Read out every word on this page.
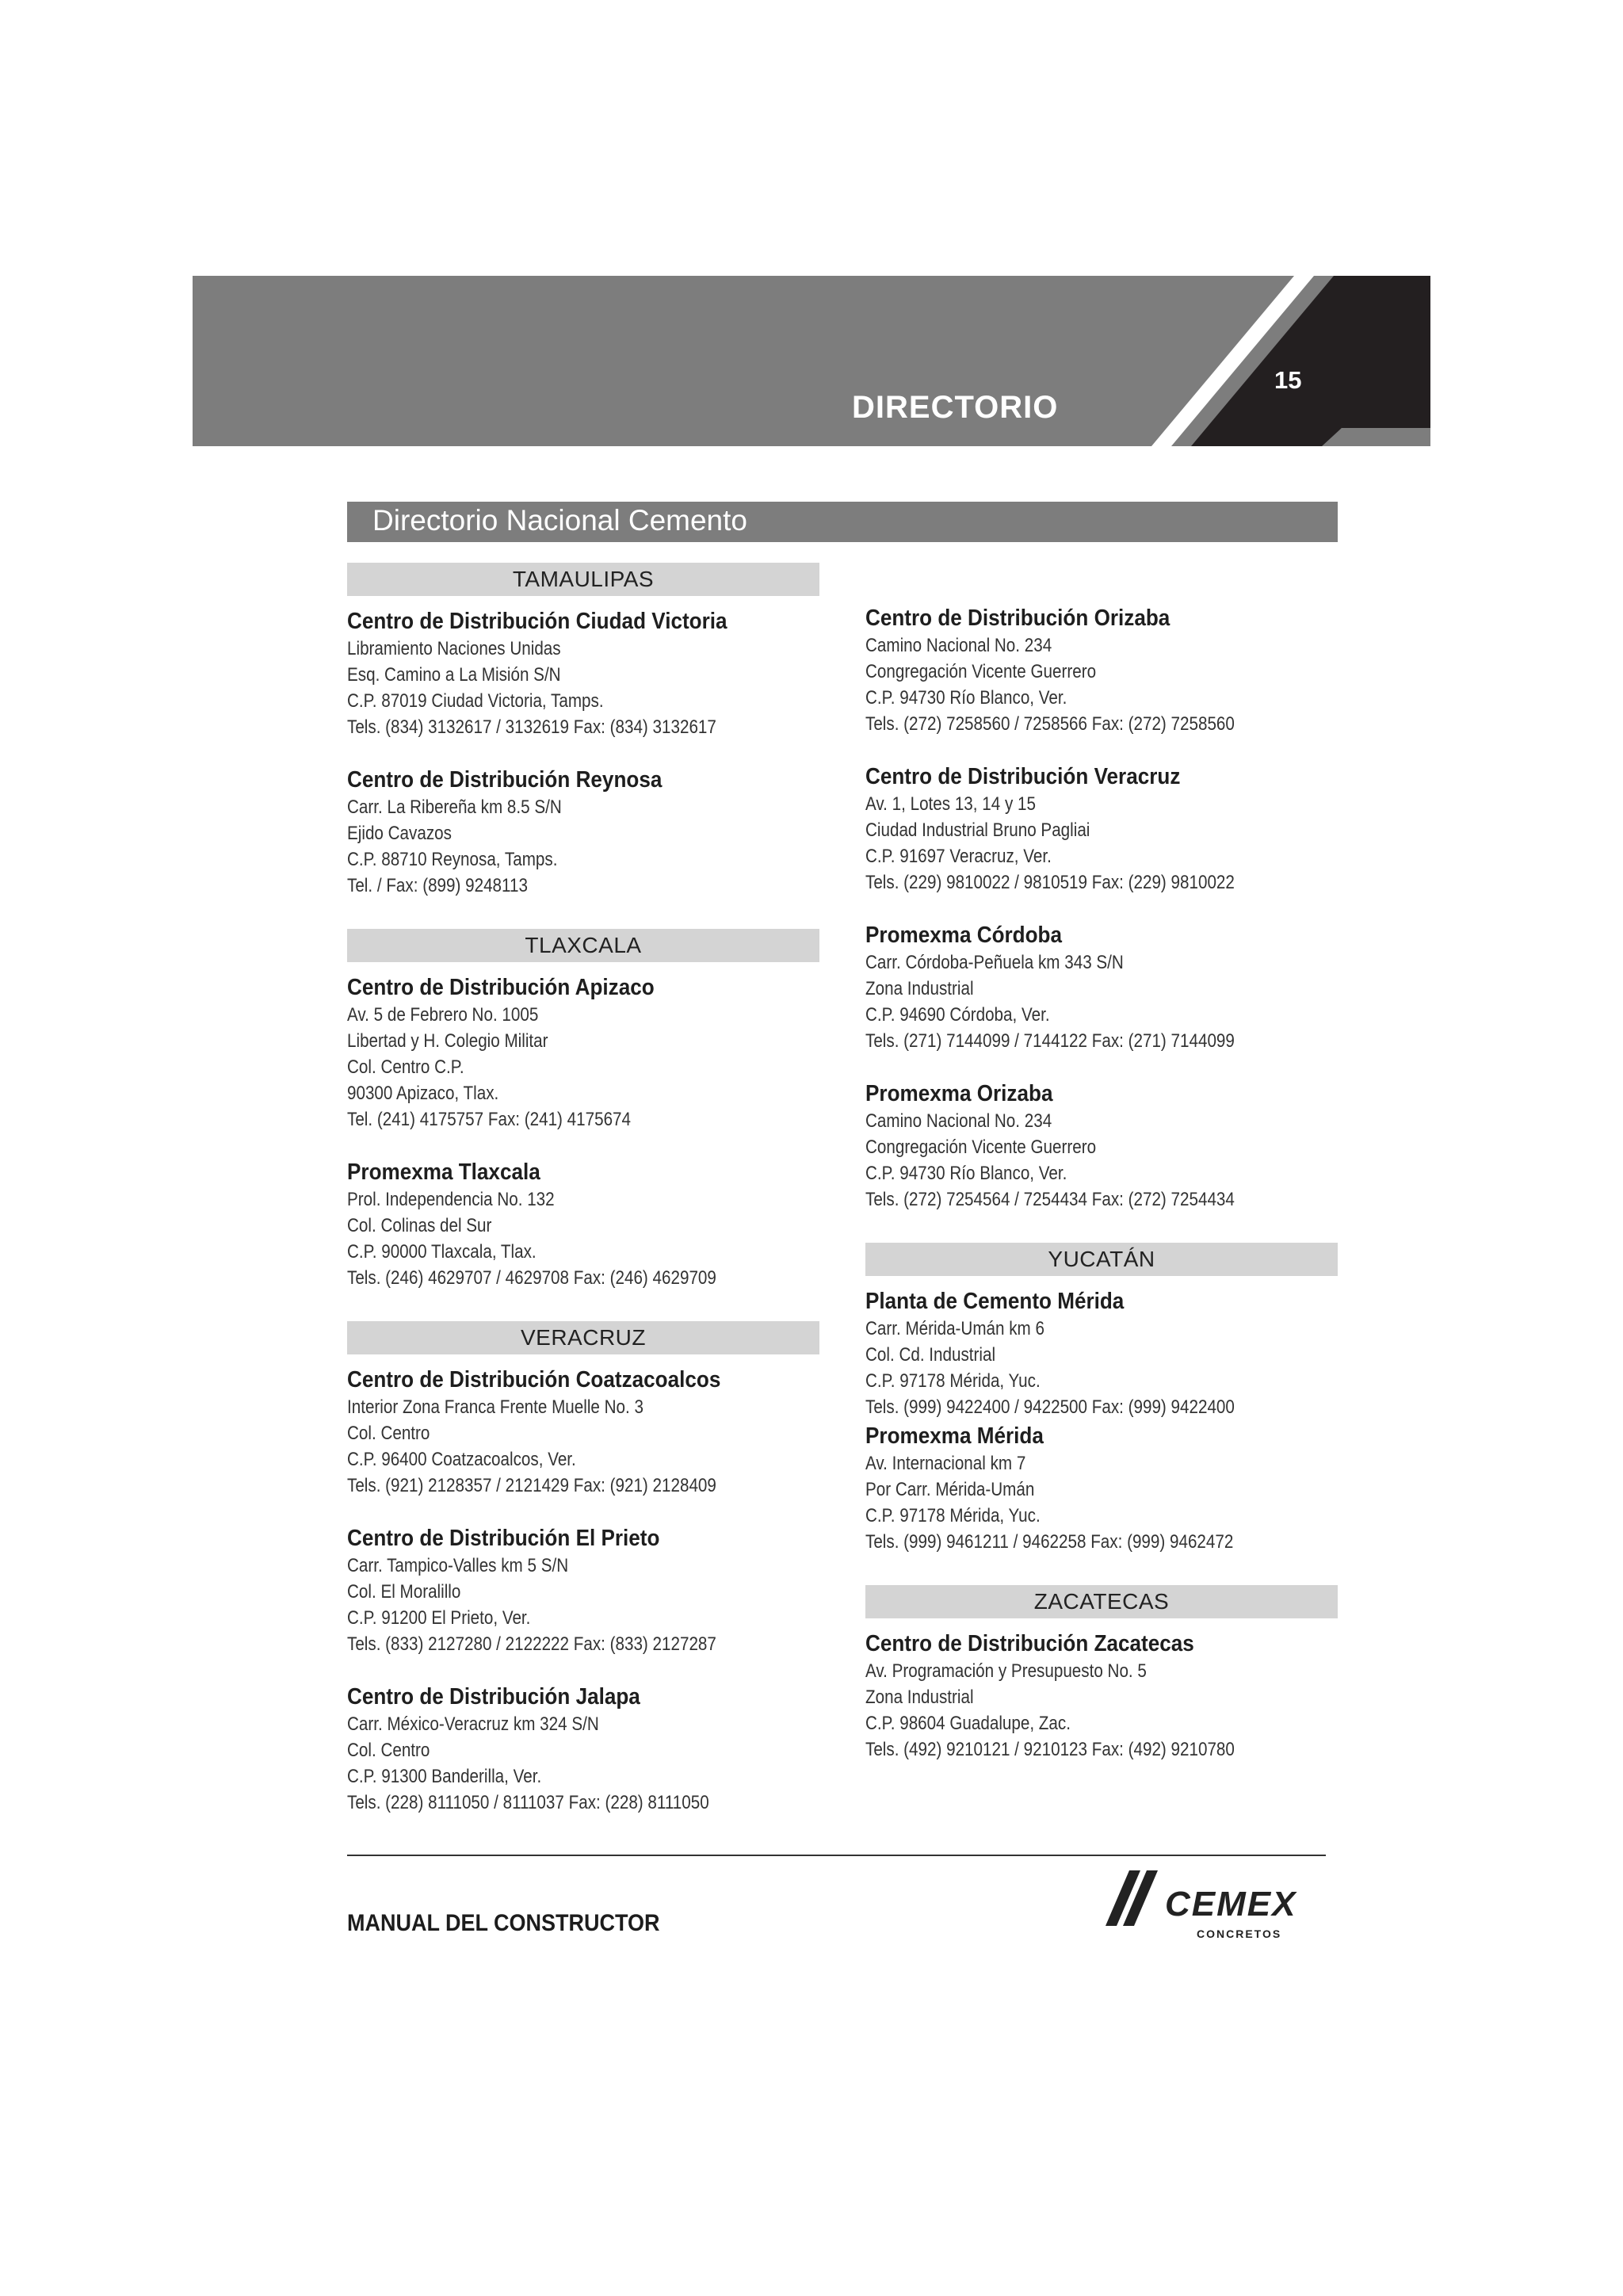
DIRECTORIO
15
Directorio Nacional Cemento
TAMAULIPAS
Centro de Distribución Ciudad Victoria
Libramiento Naciones Unidas
Esq. Camino a La Misión S/N
C.P. 87019 Ciudad Victoria, Tamps.
Tels. (834) 3132617 / 3132619 Fax: (834) 3132617
Centro de Distribución Reynosa
Carr. La Ribereña km 8.5 S/N
Ejido Cavazos
C.P. 88710 Reynosa, Tamps.
Tel. / Fax: (899) 9248113
TLAXCALA
Centro de Distribución Apizaco
Av. 5 de Febrero No. 1005
Libertad y H. Colegio Militar
Col. Centro C.P.
90300 Apizaco, Tlax.
Tel. (241) 4175757 Fax: (241) 4175674
Promexma Tlaxcala
Prol. Independencia No. 132
Col. Colinas del Sur
C.P. 90000 Tlaxcala, Tlax.
Tels. (246) 4629707 / 4629708 Fax: (246) 4629709
VERACRUZ
Centro de Distribución Coatzacoalcos
Interior Zona Franca Frente Muelle No. 3
Col. Centro
C.P. 96400 Coatzacoalcos, Ver.
Tels. (921) 2128357 / 2121429 Fax: (921) 2128409
Centro de Distribución El Prieto
Carr. Tampico-Valles km 5 S/N
Col. El Moralillo
C.P. 91200 El Prieto, Ver.
Tels. (833) 2127280 / 2122222 Fax: (833) 2127287
Centro de Distribución Jalapa
Carr. México-Veracruz km 324 S/N
Col. Centro
C.P. 91300 Banderilla, Ver.
Tels. (228) 8111050 / 8111037 Fax: (228) 8111050
Centro de Distribución Orizaba
Camino Nacional No. 234
Congregación Vicente Guerrero
C.P. 94730 Río Blanco, Ver.
Tels. (272) 7258560 / 7258566 Fax: (272) 7258560
Centro de Distribución Veracruz
Av. 1, Lotes 13, 14 y 15
Ciudad Industrial Bruno Pagliai
C.P. 91697 Veracruz, Ver.
Tels. (229) 9810022 / 9810519 Fax: (229) 9810022
Promexma Córdoba
Carr. Córdoba-Peñuela km 343 S/N
Zona Industrial
C.P. 94690 Córdoba, Ver.
Tels. (271) 7144099 / 7144122 Fax: (271) 7144099
Promexma Orizaba
Camino Nacional No. 234
Congregación Vicente Guerrero
C.P. 94730 Río Blanco, Ver.
Tels. (272) 7254564 / 7254434 Fax: (272) 7254434
YUCATÁN
Planta de Cemento Mérida
Carr. Mérida-Umán km 6
Col. Cd. Industrial
C.P. 97178 Mérida, Yuc.
Tels. (999) 9422400 / 9422500 Fax: (999) 9422400
Promexma Mérida
Av. Internacional km 7
Por Carr. Mérida-Umán
C.P. 97178 Mérida, Yuc.
Tels. (999) 9461211 / 9462258 Fax: (999) 9462472
ZACATECAS
Centro de Distribución Zacatecas
Av. Programación y Presupuesto No. 5
Zona Industrial
C.P. 98604 Guadalupe, Zac.
Tels. (492) 9210121 / 9210123 Fax: (492) 9210780
MANUAL DEL CONSTRUCTOR	CEMEX
CONCRETOS
